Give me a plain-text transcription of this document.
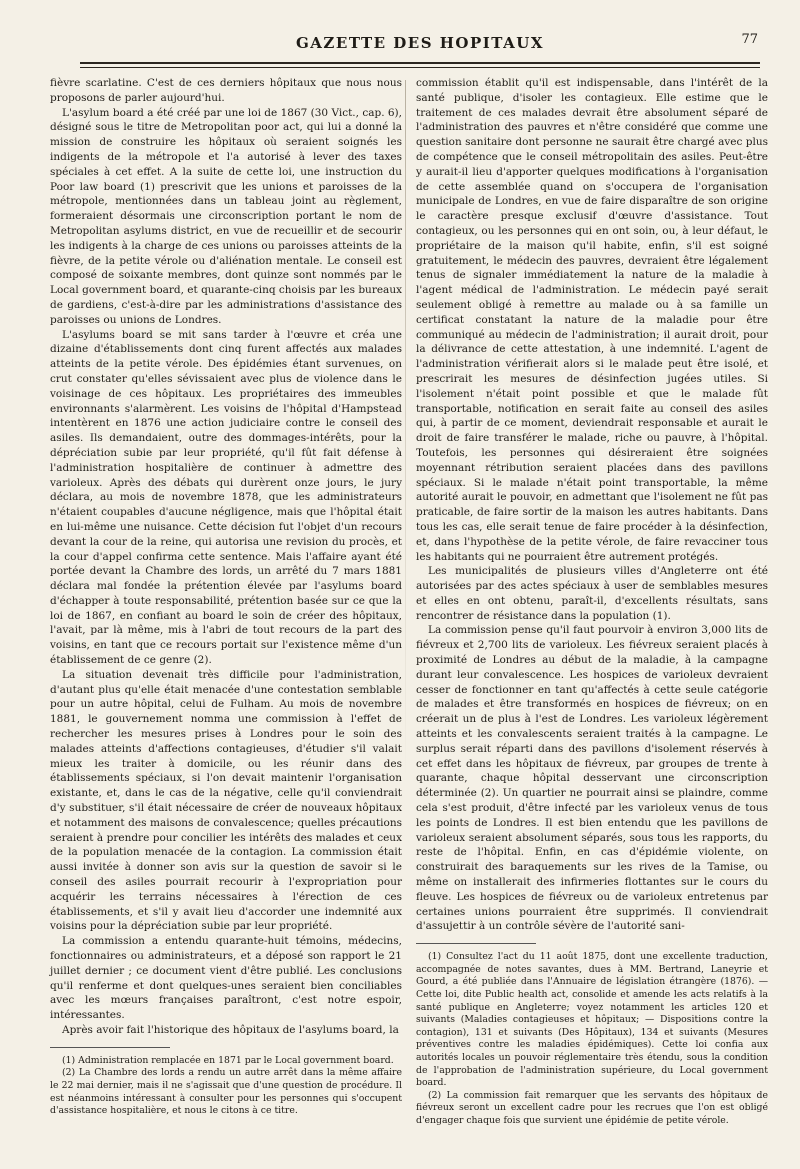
GAZETTE DES HOPITAUX	77

fièvre scarlatine. C'est de ces derniers hôpitaux que nous nous proposons de parler aujourd'hui.

L'asylum board a été créé par une loi de 1867 (30 Vict., cap. 6), désigné sous le titre de Metropolitan poor act, qui lui a donné la mission de construire les hôpitaux où seraient soignés les indigents de la métropole et l'a autorisé à lever des taxes spéciales à cet effet. A la suite de cette loi, une instruction du Poor law board (1) prescrivit que les unions et paroisses de la métropole, mentionnées dans un tableau joint au règlement, formeraient désormais une circonscription portant le nom de Metropolitan asylums district, en vue de recueillir et de secourir les indigents à la charge de ces unions ou paroisses atteints de la fièvre, de la petite vérole ou d'aliénation mentale. Le conseil est composé de soixante membres, dont quinze sont nommés par le Local government board, et quarante-cinq choisis par les bureaux de gardiens, c'est-à-dire par les administrations d'assistance des paroisses ou unions de Londres.

L'asylums board se mit sans tarder à l'œuvre et créa une dizaine d'établissements dont cinq furent affectés aux malades atteints de la petite vérole. Des épidémies étant survenues, on crut constater qu'elles sévissaient avec plus de violence dans le voisinage de ces hôpitaux. Les propriétaires des immeubles environnants s'alarmèrent. Les voisins de l'hôpital d'Hampstead intentèrent en 1876 une action judiciaire contre le conseil des asiles. Ils demandaient, outre des dommages-intérêts, pour la dépréciation subie par leur propriété, qu'il fût fait défense à l'administration hospitalière de continuer à admettre des varioleux. Après des débats qui durèrent onze jours, le jury déclara, au mois de novembre 1878, que les administrateurs n'étaient coupables d'aucune négligence, mais que l'hôpital était en lui-même une nuisance. Cette décision fut l'objet d'un recours devant la cour de la reine, qui autorisa une revision du procès, et la cour d'appel confirma cette sentence. Mais l'affaire ayant été portée devant la Chambre des lords, un arrêté du 7 mars 1881 déclara mal fondée la prétention élevée par l'asylums board d'échapper à toute responsabilité, prétention basée sur ce que la loi de 1867, en confiant au board le soin de créer des hôpitaux, l'avait, par là même, mis à l'abri de tout recours de la part des voisins, en tant que ce recours portait sur l'existence même d'un établissement de ce genre (2).

La situation devenait très difficile pour l'administration, d'autant plus qu'elle était menacée d'une contestation semblable pour un autre hôpital, celui de Fulham. Au mois de novembre 1881, le gouvernement nomma une commission à l'effet de rechercher les mesures prises à Londres pour le soin des malades atteints d'affections contagieuses, d'étudier s'il valait mieux les traiter à domicile, ou les réunir dans des établissements spéciaux, si l'on devait maintenir l'organisation existante, et, dans le cas de la négative, celle qu'il conviendrait d'y substituer, s'il était nécessaire de créer de nouveaux hôpitaux et notamment des maisons de convalescence; quelles précautions seraient à prendre pour concilier les intérêts des malades et ceux de la population menacée de la contagion. La commission était aussi invitée à donner son avis sur la question de savoir si le conseil des asiles pourrait recourir à l'expropriation pour acquérir les terrains nécessaires à l'érection de ces établissements, et s'il y avait lieu d'accorder une indemnité aux voisins pour la dépréciation subie par leur propriété.

La commission a entendu quarante-huit témoins, médecins, fonctionnaires ou administrateurs, et a déposé son rapport le 21 juillet dernier ; ce document vient d'être publié. Les conclusions qu'il renferme et dont quelques-unes seraient bien conciliables avec les mœurs françaises paraîtront, c'est notre espoir, intéressantes.

Après avoir fait l'historique des hôpitaux de l'asylums board, la

(1) Administration remplacée en 1871 par le Local government board.

(2) La Chambre des lords a rendu un autre arrêt dans la même affaire le 22 mai dernier, mais il ne s'agissait que d'une question de procédure. Il est néanmoins intéressant à consulter pour les personnes qui s'occupent d'assistance hospitalière, et nous le citons à ce titre.

commission établit qu'il est indispensable, dans l'intérêt de la santé publique, d'isoler les contagieux. Elle estime que le traitement de ces malades devrait être absolument séparé de l'administration des pauvres et n'être considéré que comme une question sanitaire dont personne ne saurait être chargé avec plus de compétence que le conseil métropolitain des asiles. Peut-être y aurait-il lieu d'apporter quelques modifications à l'organisation de cette assemblée quand on s'occupera de l'organisation municipale de Londres, en vue de faire disparaître de son origine le caractère presque exclusif d'œuvre d'assistance. Tout contagieux, ou les personnes qui en ont soin, ou, à leur défaut, le propriétaire de la maison qu'il habite, enfin, s'il est soigné gratuitement, le médecin des pauvres, devraient être légalement tenus de signaler immédiatement la nature de la maladie à l'agent médical de l'administration. Le médecin payé serait seulement obligé à remettre au malade ou à sa famille un certificat constatant la nature de la maladie pour être communiqué au médecin de l'administration; il aurait droit, pour la délivrance de cette attestation, à une indemnité. L'agent de l'administration vérifierait alors si le malade peut être isolé, et prescrirait les mesures de désinfection jugées utiles. Si l'isolement n'était point possible et que le malade fût transportable, notification en serait faite au conseil des asiles qui, à partir de ce moment, deviendrait responsable et aurait le droit de faire transférer le malade, riche ou pauvre, à l'hôpital. Toutefois, les personnes qui désireraient être soignées moyennant rétribution seraient placées dans des pavillons spéciaux. Si le malade n'était point transportable, la même autorité aurait le pouvoir, en admettant que l'isolement ne fût pas praticable, de faire sortir de la maison les autres habitants. Dans tous les cas, elle serait tenue de faire procéder à la désinfection, et, dans l'hypothèse de la petite vérole, de faire revacciner tous les habitants qui ne pourraient être autrement protégés.

Les municipalités de plusieurs villes d'Angleterre ont été autorisées par des actes spéciaux à user de semblables mesures et elles en ont obtenu, paraît-il, d'excellents résultats, sans rencontrer de résistance dans la population (1).

La commission pense qu'il faut pourvoir à environ 3,000 lits de fiévreux et 2,700 lits de varioleux. Les fiévreux seraient placés à proximité de Londres au début de la maladie, à la campagne durant leur convalescence. Les hospices de varioleux devraient cesser de fonctionner en tant qu'affectés à cette seule catégorie de malades et être transformés en hospices de fiévreux; on en créerait un de plus à l'est de Londres. Les varioleux légèrement atteints et les convalescents seraient traités à la campagne. Le surplus serait réparti dans des pavillons d'isolement réservés à cet effet dans les hôpitaux de fiévreux, par groupes de trente à quarante, chaque hôpital desservant une circonscription déterminée (2). Un quartier ne pourrait ainsi se plaindre, comme cela s'est produit, d'être infecté par les varioleux venus de tous les points de Londres. Il est bien entendu que les pavillons de varioleux seraient absolument séparés, sous tous les rapports, du reste de l'hôpital. Enfin, en cas d'épidémie violente, on construirait des baraquements sur les rives de la Tamise, ou même on installerait des infirmeries flottantes sur le cours du fleuve. Les hospices de fiévreux ou de varioleux entretenus par certaines unions pourraient être supprimés. Il conviendrait d'assujettir à un contrôle sévère de l'autorité sani-

(1) Consultez l'act du 11 août 1875, dont une excellente traduction, accompagnée de notes savantes, dues à MM. Bertrand, Laneyrie et Gourd, a été publiée dans l'Annuaire de législation étrangère (1876). — Cette loi, dite Public health act, consolide et amende les acts relatifs à la santé publique en Angleterre; voyez notamment les articles 120 et suivants (Maladies contagieuses et hôpitaux; — Dispositions contre la contagion), 131 et suivants (Des Hôpitaux), 134 et suivants (Mesures préventives contre les maladies épidémiques). Cette loi confia aux autorités locales un pouvoir réglementaire très étendu, sous la condition de l'approbation de l'administration supérieure, du Local government board.

(2) La commission fait remarquer que les servants des hôpitaux de fiévreux seront un excellent cadre pour les recrues que l'on est obligé d'engager chaque fois que survient une épidémie de petite vérole.
